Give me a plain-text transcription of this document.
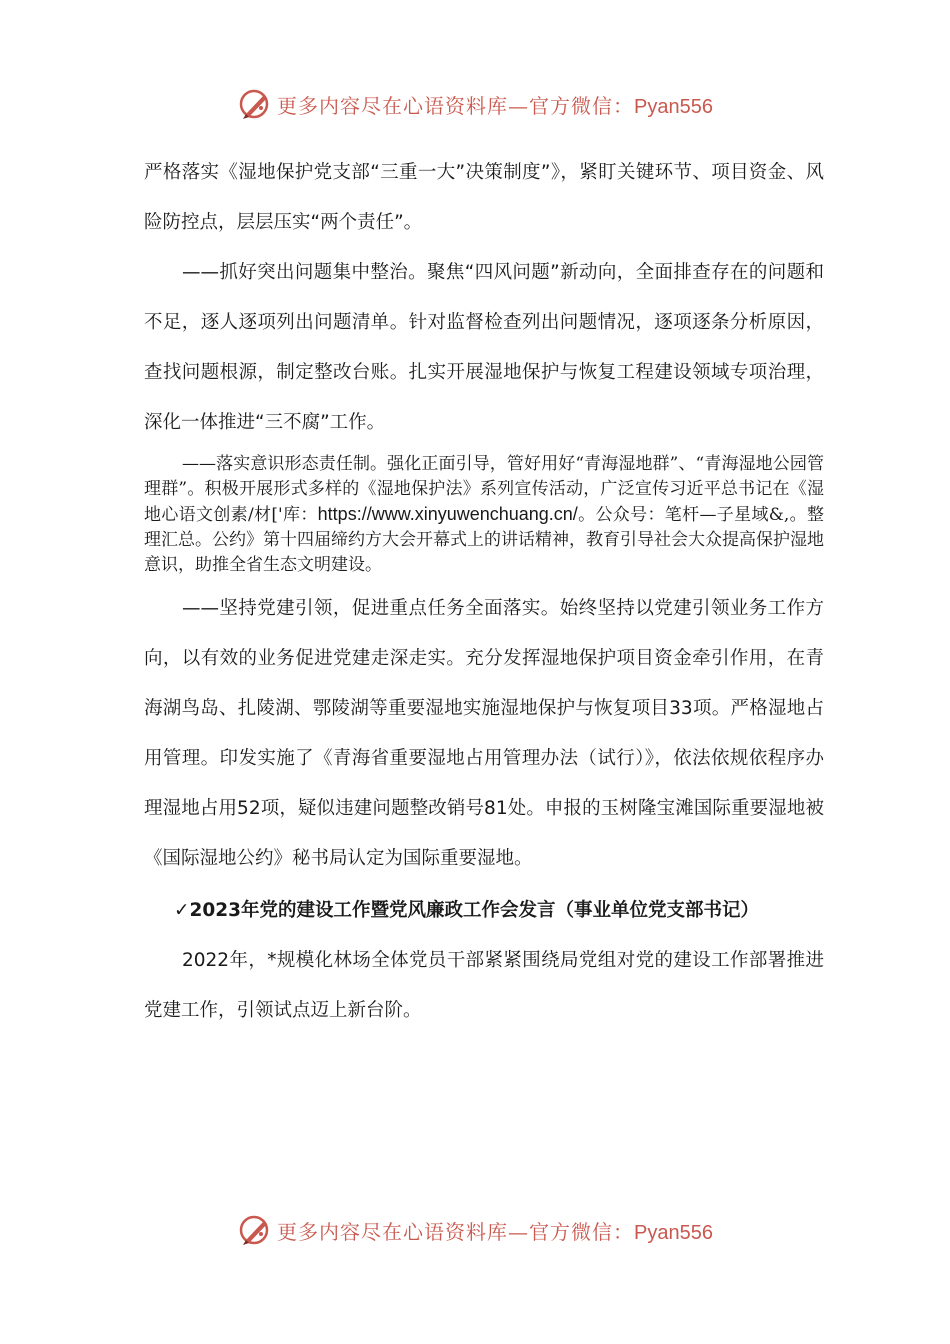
更多内容尽在心语资料库—官方微信：Pyan556

严格落实《湿地保护党支部“三重一大”决策制度”》，紧盯关键环节、项目资金、风险防控点，层层压实“两个责任”。

——抓好突出问题集中整治。聚焦“四风问题”新动向，全面排查存在的问题和不足，逐人逐项列出问题清单。针对监督检查列出问题情况，逐项逐条分析原因，查找问题根源，制定整改台账。扎实开展湿地保护与恢复工程建设领域专项治理，深化一体推进“三不腐”工作。

——落实意识形态责任制。强化正面引导，管好用好“青海湿地群”、“青海湿地公园管理群”。积极开展形式多样的《湿地保护法》系列宣传活动，广泛宣传习近平总书记在《湿地心语文创素/材['库：https://www.xinyuwenchuang.cn/。公众号：笔杆—子星域&,。整理汇总。公约》第十四届缔约方大会开幕式上的讲话精神，教育引导社会大众提高保护湿地意识，助推全省生态文明建设。

——坚持党建引领，促进重点任务全面落实。始终坚持以党建引领业务工作方向，以有效的业务促进党建走深走实。充分发挥湿地保护项目资金牵引作用，在青海湖鸟岛、扎陵湖、鄂陵湖等重要湿地实施湿地保护与恢复项目33项。严格湿地占用管理。印发实施了《青海省重要湿地占用管理办法（试行）》，依法依规依程序办理湿地占用52项，疑似违建问题整改销号81处。申报的玉树隆宝滩国际重要湿地被《国际湿地公约》秘书局认定为国际重要湿地。

✓2023年党的建设工作暨党风廉政工作会发言（事业单位党支部书记）

2022年，*规模化林场全体党员干部紧紧围绕局党组对党的建设工作部署推进党建工作，引领试点迈上新台阶。

更多内容尽在心语资料库—官方微信：Pyan556
